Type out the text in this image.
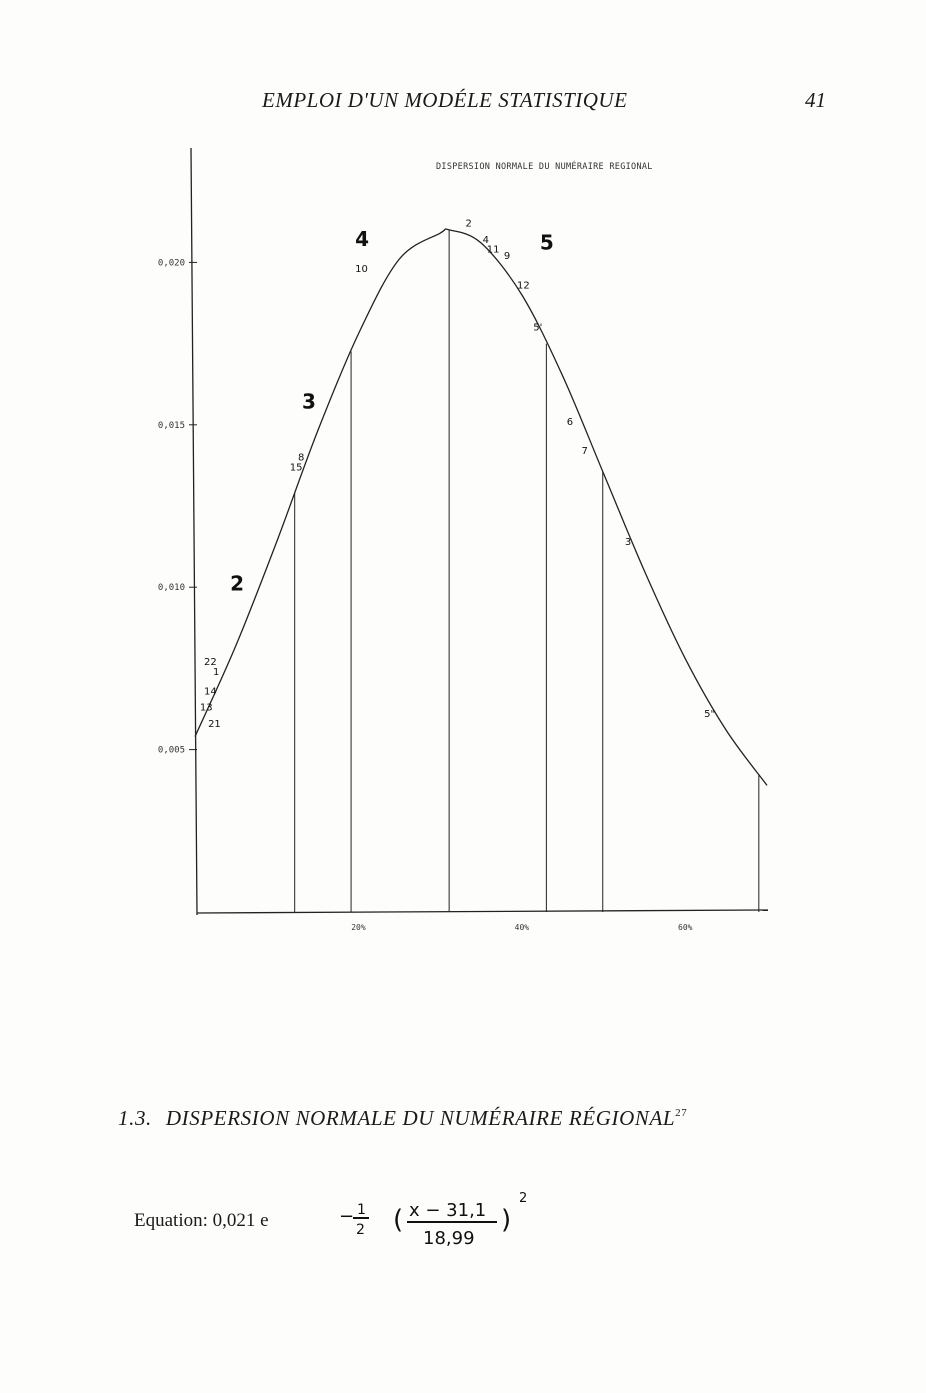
EMPLOI D'UN MODÉLE STATISTIQUE	41
0,005
0,010
0,015
0,020
20%	40%	60%
2
3
4	5
22
1
14
13
21
15
8
10
2
4
11
9
12
5'
6
7
3
5"
DISPERSION NORMALE DU NUMÉRAIRE REGIONAL
1.3. DISPERSION NORMALE DU NUMÉRAIRE RÉGIONAL$^{27}$
Equation: 0,021 e	− 1
2 ( x − 31,1
18,99
)
2
